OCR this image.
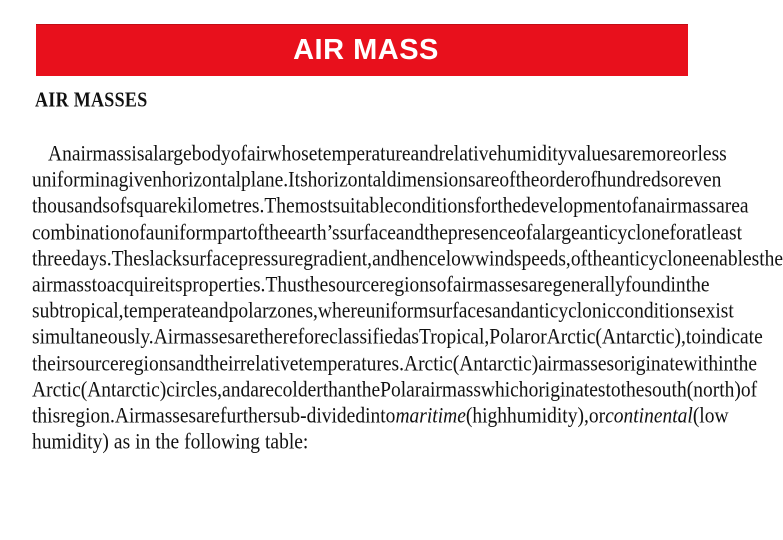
AIR MASS
AIR MASSES
An air mass is a large body of air whose temperature and relative humidity values are more or less
uniform in a given horizontal plane. Its horizontal dimensions are of the order of hundreds or even
thousands of square kilometres. The most suitable conditions for the development of an air mass are a
combination of a uniform part of the earth’s surface and the presence of a large anticyclone for at least
three days. The slack surface pressure gradient, and hence low wind speeds, of the anticyclone enables the
air mass to acquire its properties. Thus the source regions of air masses are generally found in the
subtropical, temperate and polar zones, where uniform surfaces and anticyclonic conditions exist
simultaneously. Air masses are therefore classified as Tropical, Polar or Arctic (Antarctic), to indicate
their source regions and their relative temperatures. Arctic (Antarctic) air masses originate within the
Arctic (Antarctic) circles, and are colder than the Polar air mass which originates to the south (north) of
this region. Air masses are further sub-divided into maritime (high humidity), or continental (low
humidity) as in the following table:
